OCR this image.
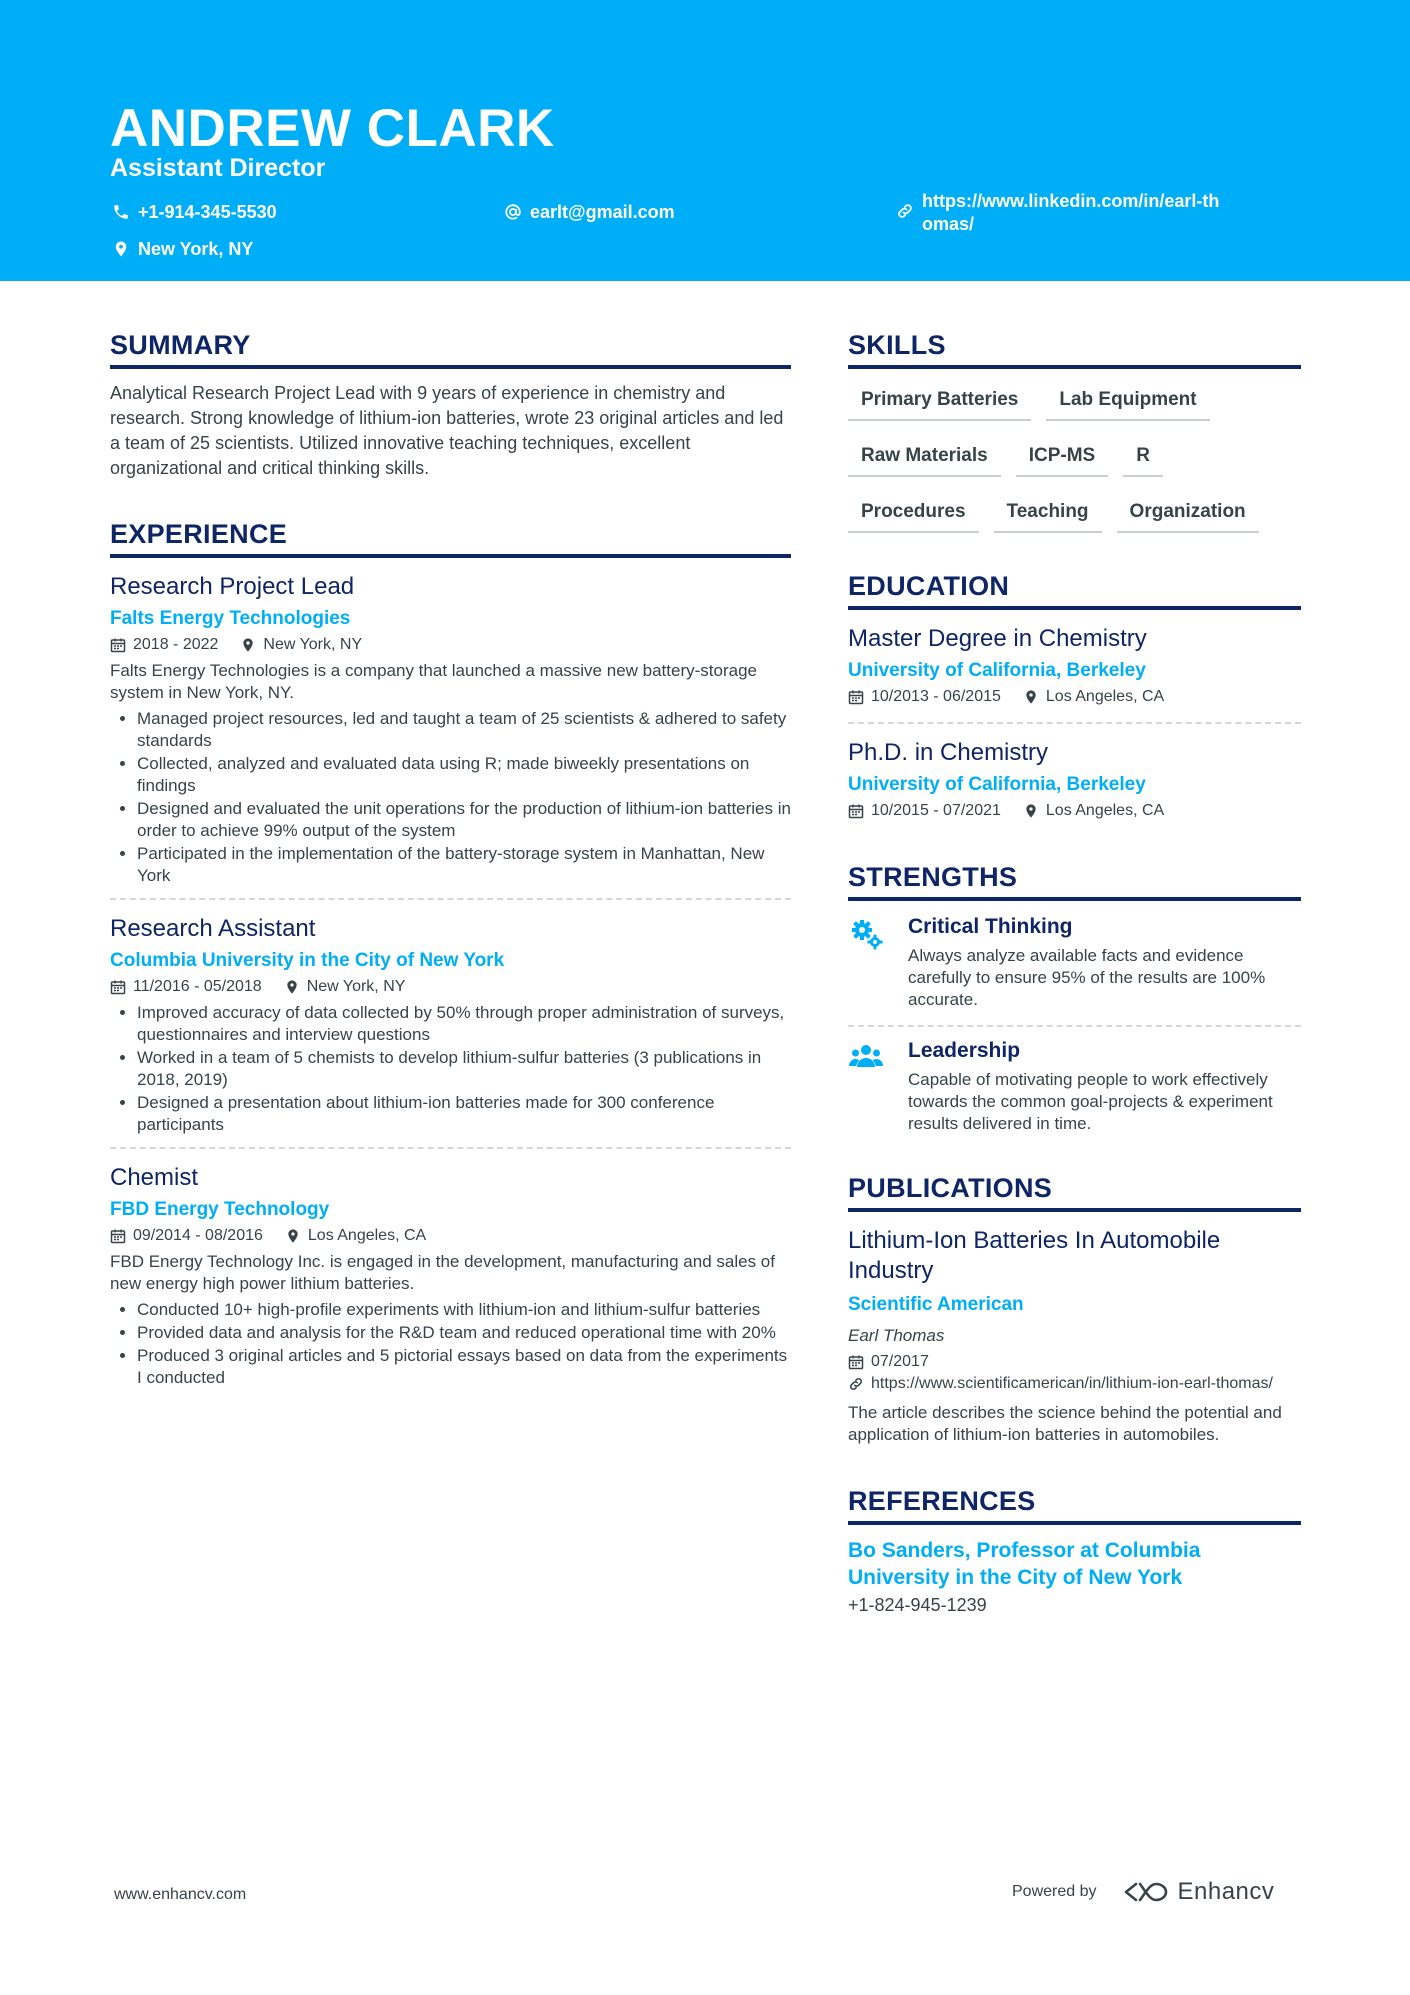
ANDREW CLARK
Assistant Director
+1-914-345-5530	earlt@gmail.com
https://www.linkedin.com/in/earl-thomas/
New York, NY
SUMMARY

Analytical Research Project Lead with 9 years of experience in chemistry and research. Strong knowledge of lithium-ion batteries, wrote 23 original articles and led a team of 25 scientists. Utilized innovative teaching techniques, excellent organizational and critical thinking skills.

EXPERIENCE
Research Project Lead
Falts Energy Technologies
2018 - 2022	New York, NY

Falts Energy Technologies is a company that launched a massive new battery-storage system in New York, NY.

• Managed project resources, led and taught a team of 25 scientists & adhered to safety standards
• Collected, analyzed and evaluated data using R; made biweekly presentations on findings
• Designed and evaluated the unit operations for the production of lithium-ion batteries in order to achieve 99% output of the system
• Participated in the implementation of the battery-storage system in Manhattan, New York
Research Assistant
Columbia University in the City of New York
11/2016 - 05/2018	New York, NY
• Improved accuracy of data collected by 50% through proper administration of surveys, questionnaires and interview questions
• Worked in a team of 5 chemists to develop lithium-sulfur batteries (3 publications in 2018, 2019)
• Designed a presentation about lithium-ion batteries made for 300 conference participants
Chemist
FBD Energy Technology
09/2014 - 08/2016	Los Angeles, CA

FBD Energy Technology Inc. is engaged in the development, manufacturing and sales of new energy high power lithium batteries.

• Conducted 10+ high-profile experiments with lithium-ion and lithium-sulfur batteries
• Provided data and analysis for the R&D team and reduced operational time with 20%
• Produced 3 original articles and 5 pictorial essays based on data from the experiments I conducted
SKILLS
Primary Batteries	Lab Equipment
Raw Materials	ICP-MS	R
Procedures	Teaching	Organization
EDUCATION
Master Degree in Chemistry
University of California, Berkeley
10/2013 - 06/2015	Los Angeles, CA
Ph.D. in Chemistry
University of California, Berkeley
10/2015 - 07/2021	Los Angeles, CA
STRENGTHS
Critical Thinking

Always analyze available facts and evidence carefully to ensure 95% of the results are 100% accurate.

Leadership

Capable of motivating people to work effectively towards the common goal-projects & experiment results delivered in time.

PUBLICATIONS
Lithium-Ion Batteries In Automobile Industry
Scientific American
Earl Thomas
07/2017
https://www.scientificamerican/in/lithium-ion-earl-thomas/

The article describes the science behind the potential and application of lithium-ion batteries in automobiles.

REFERENCES
Bo Sanders, Professor at Columbia University in the City of New York

+1-824-945-1239

www.enhancv.com	Powered by	Enhancv
